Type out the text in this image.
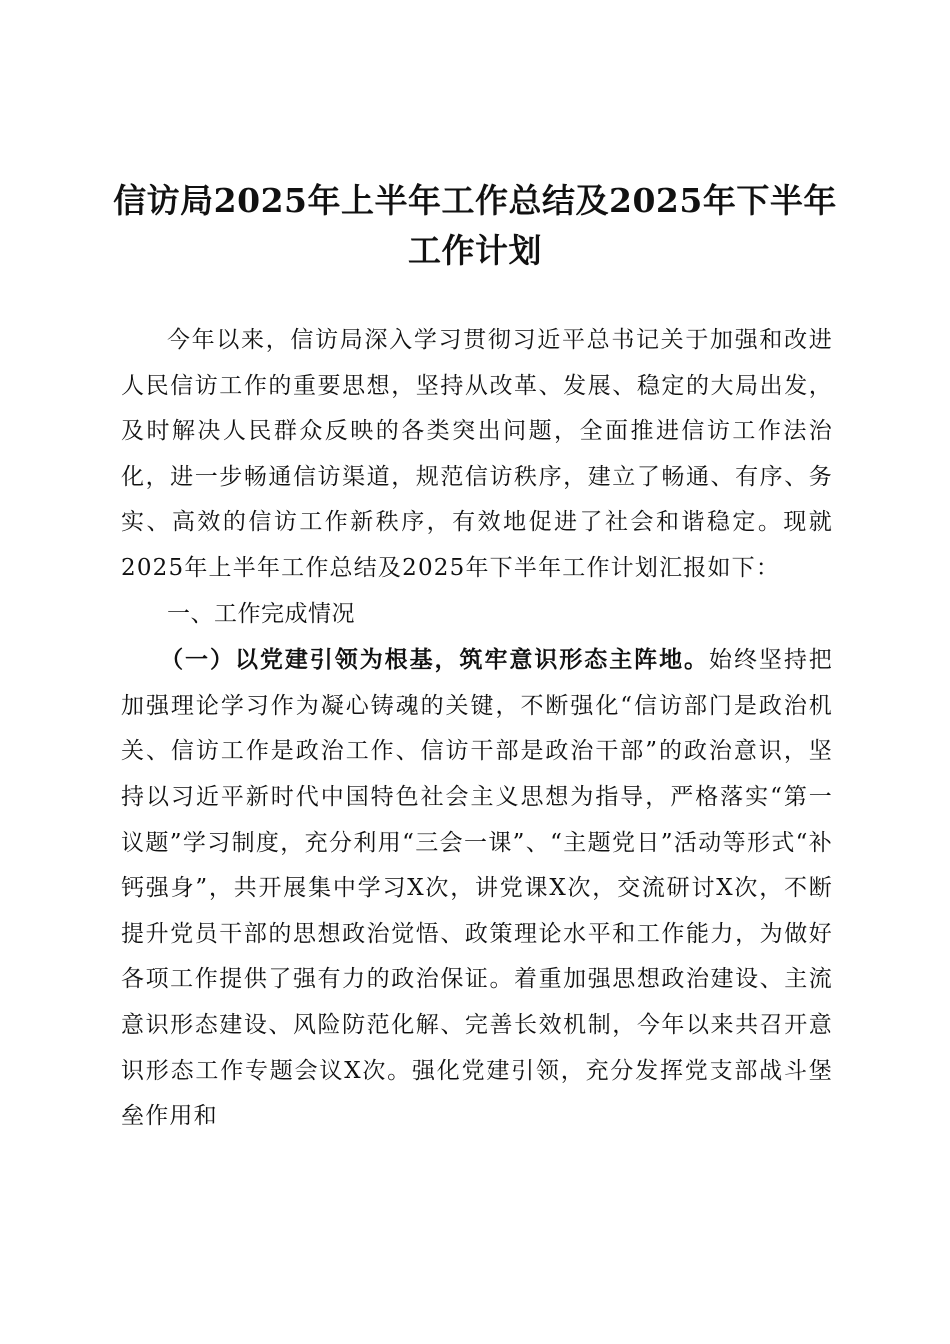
信访局2025年上半年工作总结及2025年下半年工作计划

今年以来，信访局深入学习贯彻习近平总书记关于加强和改进人民信访工作的重要思想，坚持从改革、发展、稳定的大局出发，及时解决人民群众反映的各类突出问题，全面推进信访工作法治化，进一步畅通信访渠道，规范信访秩序，建立了畅通、有序、务实、高效的信访工作新秩序，有效地促进了社会和谐稳定。现就2025年上半年工作总结及2025年下半年工作计划汇报如下：

一、工作完成情况

（一）以党建引领为根基，筑牢意识形态主阵地。始终坚持把加强理论学习作为凝心铸魂的关键，不断强化“信访部门是政治机关、信访工作是政治工作、信访干部是政治干部”的政治意识，坚持以习近平新时代中国特色社会主义思想为指导，严格落实“第一议题”学习制度，充分利用“三会一课”、“主题党日”活动等形式“补钙强身”，共开展集中学习X次，讲党课X次，交流研讨X次，不断提升党员干部的思想政治觉悟、政策理论水平和工作能力，为做好各项工作提供了强有力的政治保证。着重加强思想政治建设、主流意识形态建设、风险防范化解、完善长效机制，今年以来共召开意识形态工作专题会议X次。强化党建引领，充分发挥党支部战斗堡垒作用和
